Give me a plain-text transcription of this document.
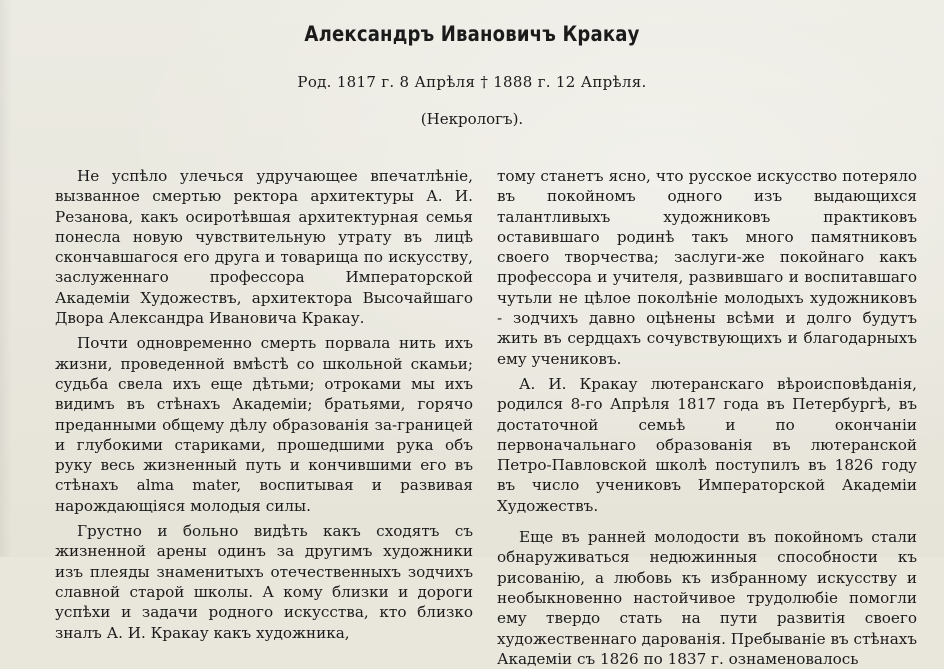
Александръ Ивановичъ Кракау
Род. 1817 г. 8 Апрѣля † 1888 г. 12 Апрѣля.
(Некрологъ).

Не успѣло улечься удручающее впечатлѣніе, вызванное смертью ректора архитектуры А. И. Резанова, какъ осиротѣвшая архитектурная семья понесла новую чувствительную утрату въ лицѣ скончавшагося его друга и товарища по искусству, заслуженнаго профессора Императорской Академіи Художествъ, архитектора Высочайшаго Двора Александра Ивановича Кракау.

Почти одновременно смерть порвала нить ихъ жизни, проведенной вмѣстѣ со школьной скамьи; судьба свела ихъ еще дѣтьми; отроками мы ихъ видимъ въ стѣнахъ Академіи; братьями, горячо преданными общему дѣлу образованія за-границей и глубокими стариками, прошедшими рука объ руку весь жизненный путь и кончившими его въ стѣнахъ alma mater, воспитывая и развивая нарождающіяся молодыя силы.

Грустно и больно видѣть какъ сходятъ съ жизненной арены одинъ за другимъ художники изъ плеяды знаменитыхъ отечественныхъ зодчихъ славной старой школы. А кому близки и дороги успѣхи и задачи родного искусства, кто близко зналъ А. И. Кракау какъ художника,

тому станетъ ясно, что русское искусство потеряло въ покойномъ одного изъ выдающихся талантливыхъ художниковъ практиковъ оставившаго родинѣ такъ много памятниковъ своего творчества; заслуги-же покойнаго какъ профессора и учителя, развившаго и воспитавшаго чутьли не цѣлое поколѣніе молодыхъ художниковъ - зодчихъ давно оцѣнены всѣми и долго будутъ жить въ сердцахъ сочувствующихъ и благодарныхъ ему учениковъ.

А. И. Кракау лютеранскаго вѣроисповѣданія, родился 8-го Апрѣля 1817 года въ Петербургѣ, въ достаточной семьѣ и по окончаніи первоначальнаго образованія въ лютеранской Петро-Павловской школѣ поступилъ въ 1826 году въ число учениковъ Императорской Академіи Художествъ.

Еще въ ранней молодости въ покойномъ стали обнаруживаться недюжинныя способности къ рисованію, а любовь къ избранному искусству и необыкновенно настойчивое трудолюбіе помогли ему твердо стать на пути развитія своего художественнаго дарованія. Пребываніе въ стѣнахъ Академіи съ 1826 по 1837 г. ознаменовалось
